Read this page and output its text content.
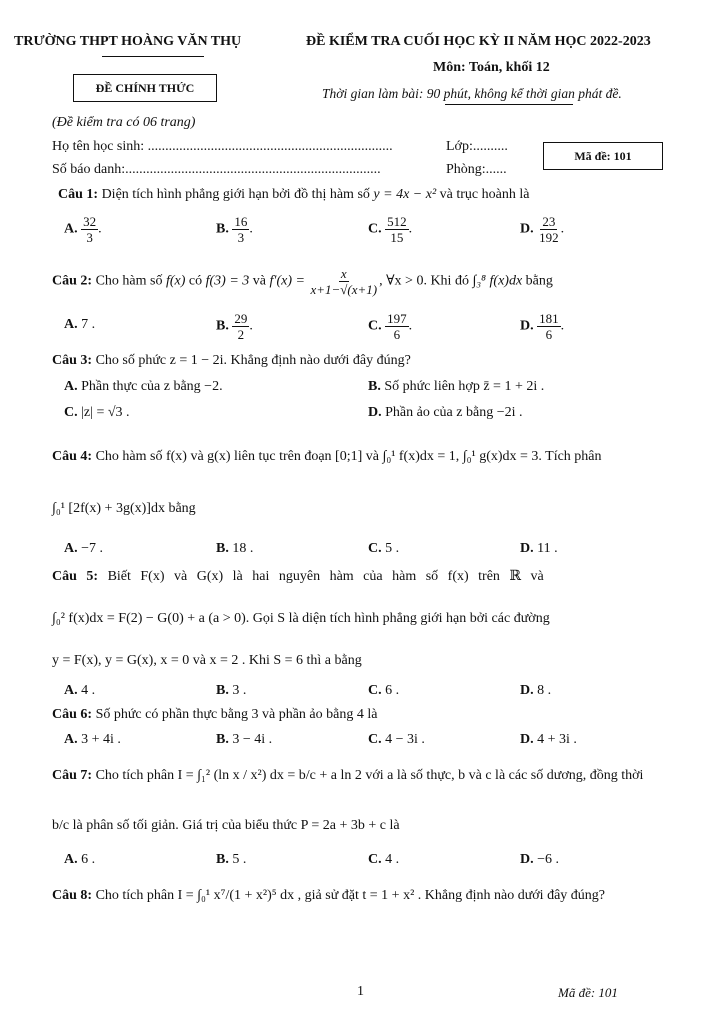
TRƯỜNG THPT HOÀNG VĂN THỤ	ĐỀ KIỂM TRA CUỐI HỌC KỲ II NĂM HỌC 2022-2023
ĐỀ CHÍNH THỨC
Môn: Toán, khối 12
Thời gian làm bài: 90 phút, không kể thời gian phát đề.
(Đề kiểm tra có 06 trang)
Họ tên học sinh: ......................................................................	Lớp:..........
Số báo danh:.........................................................................	Phòng:......
Mã đề: 101
Câu 1: Diện tích hình phẳng giới hạn bởi đồ thị hàm số y = 4x − x² và trục hoành là
A. $\frac{32}{3}$ .	B. $\frac{16}{3}$ .	C. $\frac{512}{15}$ .	D. $\frac{23}{192}$ .
Câu 2: Cho hàm số f(x) có f(3) = 3 và $f'(x) = \frac{x}{x+1-√(x+1)}$ , ∀x > 0. Khi đó ∫₃⁸ f(x)dx bằng
A. 7 .	B. $\frac{29}{2}$ .	C. $\frac{197}{6}$ .	D. $\frac{181}{6}$ .
Câu 3: Cho số phức z = 1 − 2i. Khẳng định nào dưới đây đúng?
A. Phần thực của z bằng −2.	B. Số phức liên hợp z̄ = 1 + 2i .
C. |z| = √3 .	D. Phần ảo của z bằng −2i .
Câu 4: Cho hàm số f(x) và g(x) liên tục trên đoạn [0;1] và ∫₀¹ f(x)dx = 1, ∫₀¹ g(x)dx = 3. Tích phân
∫₀¹ [2f(x) + 3g(x)]dx bằng
A. −7 .	B. 18 .	C. 5 .	D. 11 .
Câu 5: Biết F(x) và G(x) là hai nguyên hàm của hàm số f(x) trên ℝ và
∫₀² f(x)dx = F(2) − G(0) + a (a > 0). Gọi S là diện tích hình phẳng giới hạn bởi các đường
y = F(x), y = G(x), x = 0 và x = 2 . Khi S = 6 thì a bằng
A. 4 .	B. 3 .	C. 6 .	D. 8 .
Câu 6: Số phức có phần thực bằng 3 và phần ảo bằng 4 là
A. 3 + 4i .	B. 3 − 4i .	C. 4 − 3i .	D. 4 + 3i .
Câu 7: Cho tích phân I = ∫₁² (ln x / x²) dx = b/c + a ln 2 với a là số thực, b và c là các số dương, đồng thời
b/c là phân số tối giản. Giá trị của biểu thức P = 2a + 3b + c là
A. 6 .	B. 5 .	C. 4 .	D. −6 .
Câu 8: Cho tích phân I = ∫₀¹ x⁷/(1 + x²)⁵ dx , giả sử đặt t = 1 + x² . Khẳng định nào dưới đây đúng?
1	Mã đề: 101
